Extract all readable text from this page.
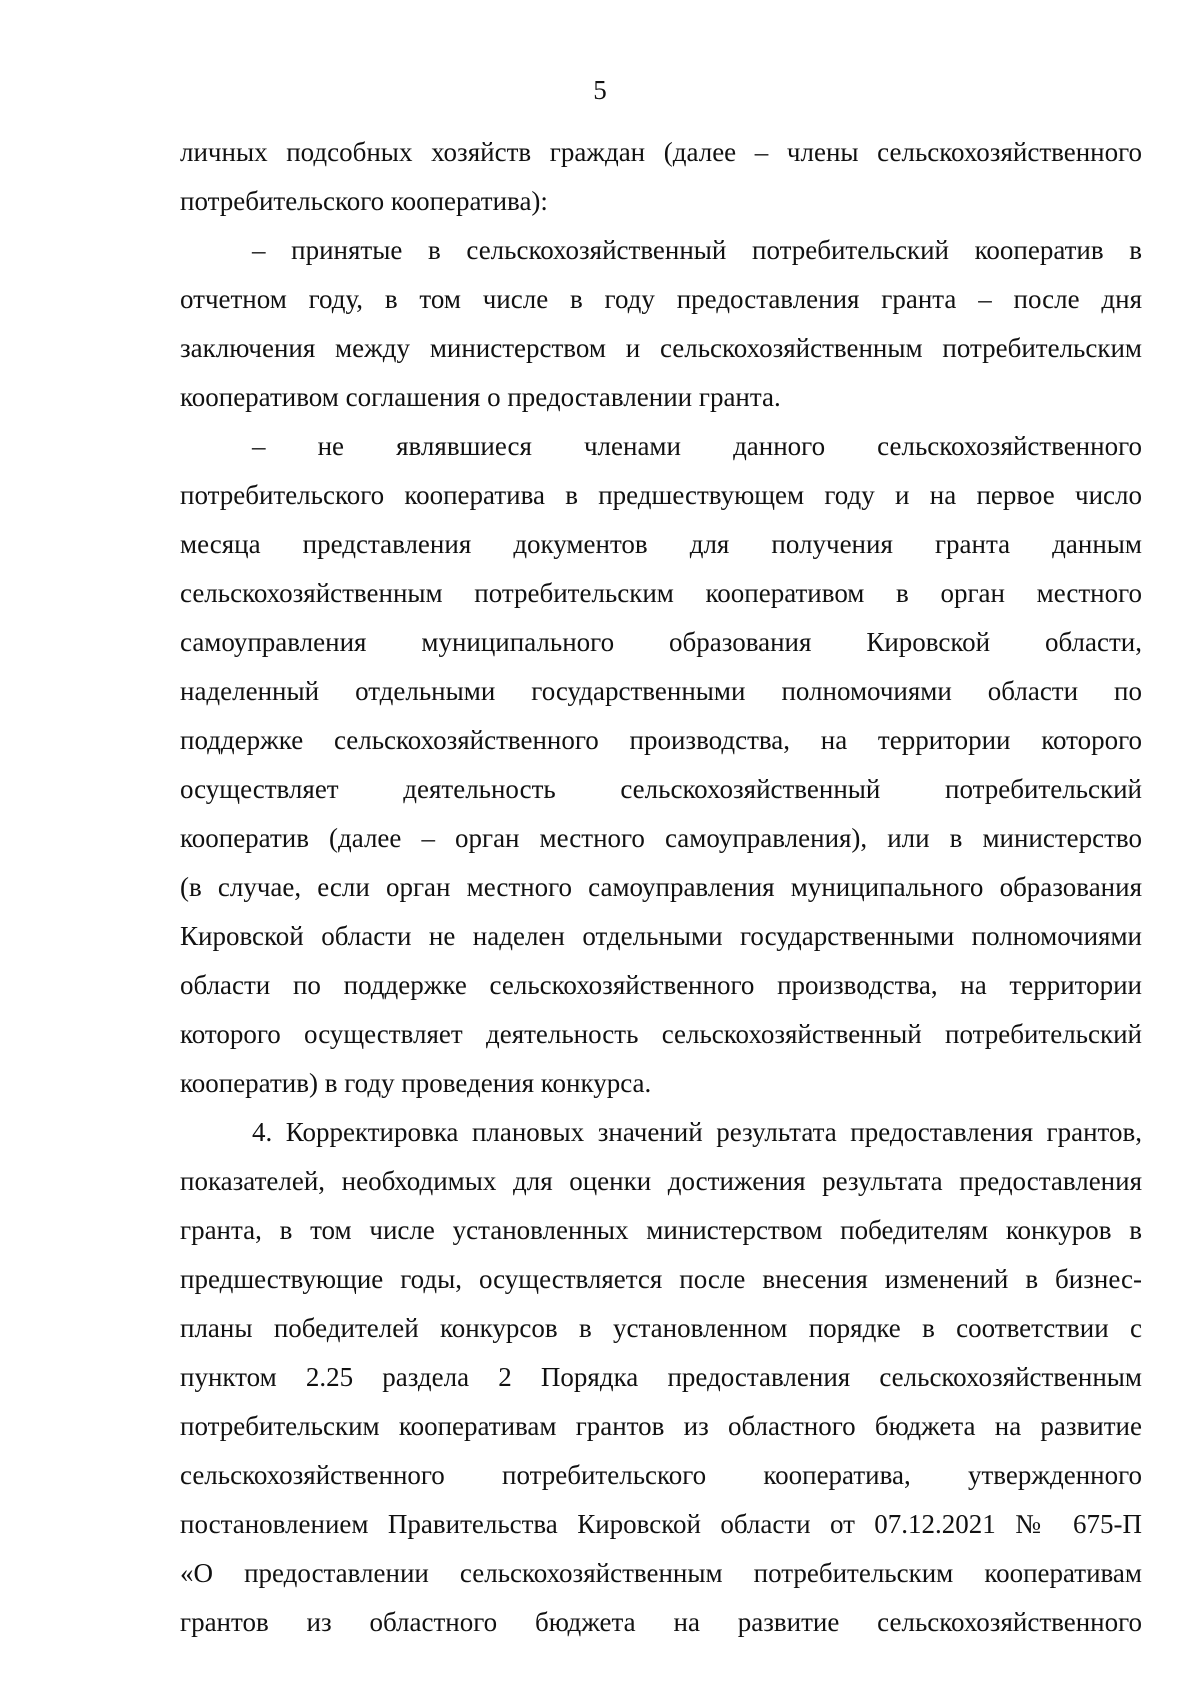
5
личных подсобных хозяйств граждан (далее – члены сельскохозяйственного
потребительского кооператива):
– принятые в сельскохозяйственный потребительский кооператив в
отчетном году, в том числе в году предоставления гранта – после дня
заключения между министерством и сельскохозяйственным потребительским
кооперативом соглашения о предоставлении гранта.
– не являвшиеся членами данного сельскохозяйственного
потребительского кооператива в предшествующем году и на первое число
месяца представления документов для получения гранта данным
сельскохозяйственным потребительским кооперативом в орган местного
самоуправления муниципального образования Кировской области,
наделенный отдельными государственными полномочиями области по
поддержке сельскохозяйственного производства, на территории которого
осуществляет деятельность сельскохозяйственный потребительский
кооператив (далее – орган местного самоуправления), или в министерство
(в случае, если орган местного самоуправления муниципального образования
Кировской области не наделен отдельными государственными полномочиями
области по поддержке сельскохозяйственного производства, на территории
которого осуществляет деятельность сельскохозяйственный потребительский
кооператив) в году проведения конкурса.
4. Корректировка плановых значений результата предоставления грантов,
показателей, необходимых для оценки достижения результата предоставления
гранта, в том числе установленных министерством победителям конкуров в
предшествующие годы, осуществляется после внесения изменений в бизнес-
планы победителей конкурсов в установленном порядке в соответствии с
пунктом 2.25 раздела 2 Порядка предоставления сельскохозяйственным
потребительским кооперативам грантов из областного бюджета на развитие
сельскохозяйственного потребительского кооператива, утвержденного
постановлением Правительства Кировской области от 07.12.2021 № 675-П
«О предоставлении сельскохозяйственным потребительским кооперативам
грантов из областного бюджета на развитие сельскохозяйственного
